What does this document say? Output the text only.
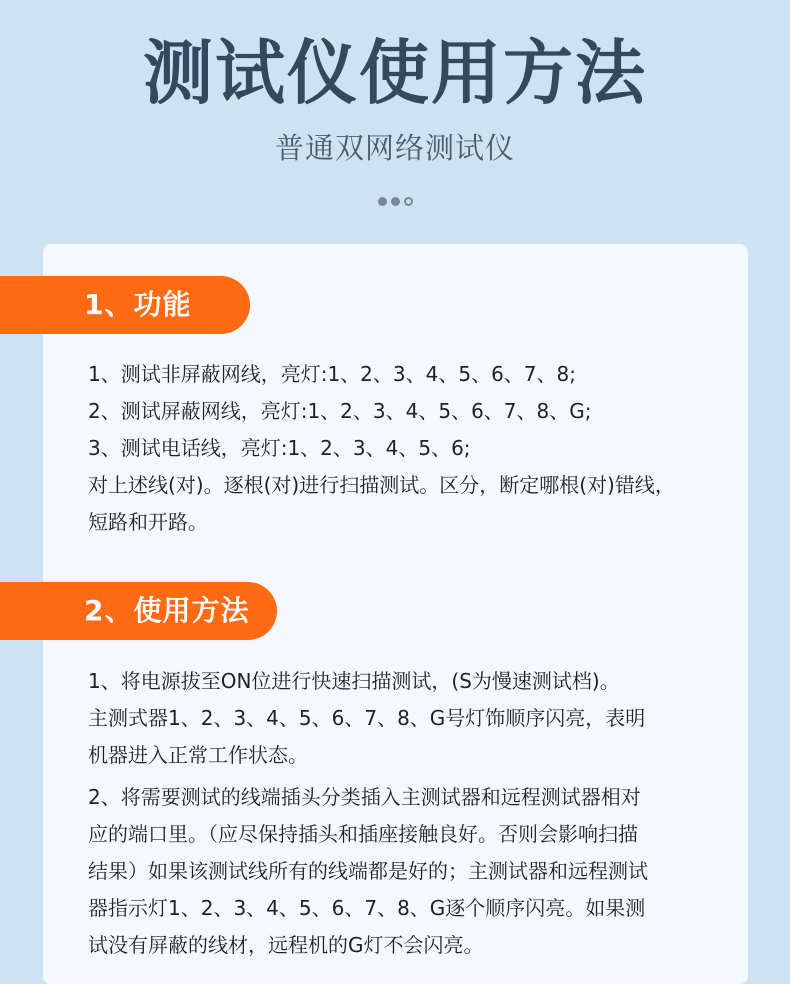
测试仪使用方法
普通双网络测试仪
1、功能

1、测试非屏蔽网线，亮灯:1、2、3、4、5、6、7、8;

2、测试屏蔽网线，亮灯:1、2、3、4、5、6、7、8、G;

3、测试电话线，亮灯:1、2、3、4、5、6;

对上述线(对)。逐根(对)进行扫描测试。区分，断定哪根(对)错线，

短路和开路。

2、使用方法

1、将电源拔至ON位进行快速扫描测试，(S为慢速测试档)。

主测式器1、2、3、4、5、6、7、8、G号灯饰顺序闪亮，表明

机器进入正常工作状态。

2、将需要测试的线端插头分类插入主测试器和远程测试器相对

应的端口里。（应尽保持插头和插座接触良好。否则会影响扫描

结果）如果该测试线所有的线端都是好的；主测试器和远程测试

器指示灯1、2、3、4、5、6、7、8、G逐个顺序闪亮。如果测

试没有屏蔽的线材，远程机的G灯不会闪亮。
